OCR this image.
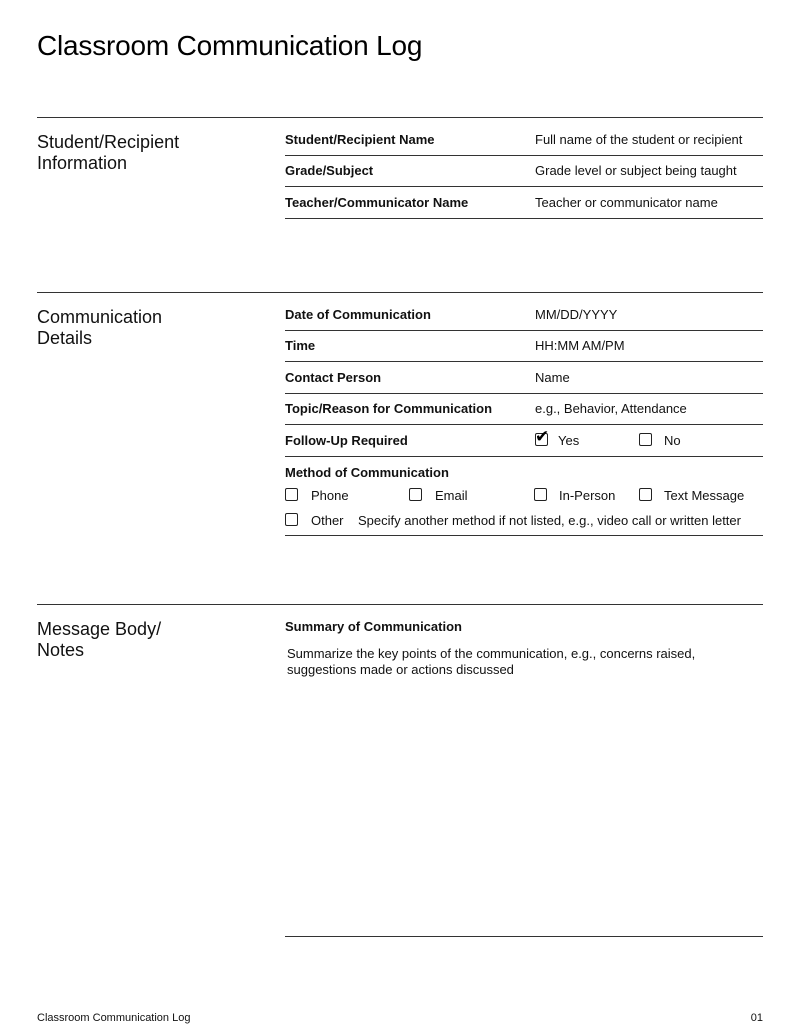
Classroom Communication Log
Student/Recipient
Information
Student/Recipient Name	Full name of the student or recipient
Grade/Subject	Grade level or subject being taught
Teacher/Communicator Name	Teacher or communicator name
Communication
Details
Date of Communication	MM/DD/YYYY
Time	HH:MM AM/PM
Contact Person	Name
Topic/Reason for Communication	e.g., Behavior, Attendance
Follow-Up Required	✔ Yes	No
Method of Communication
Phone	Email	In-Person	Text Message
Other Specify another method if not listed, e.g., video call or written letter
Message Body/
Notes
Summary of Communication
Summarize the key points of the communication, e.g., concerns raised,
suggestions made or actions discussed
Classroom Communication Log	01
